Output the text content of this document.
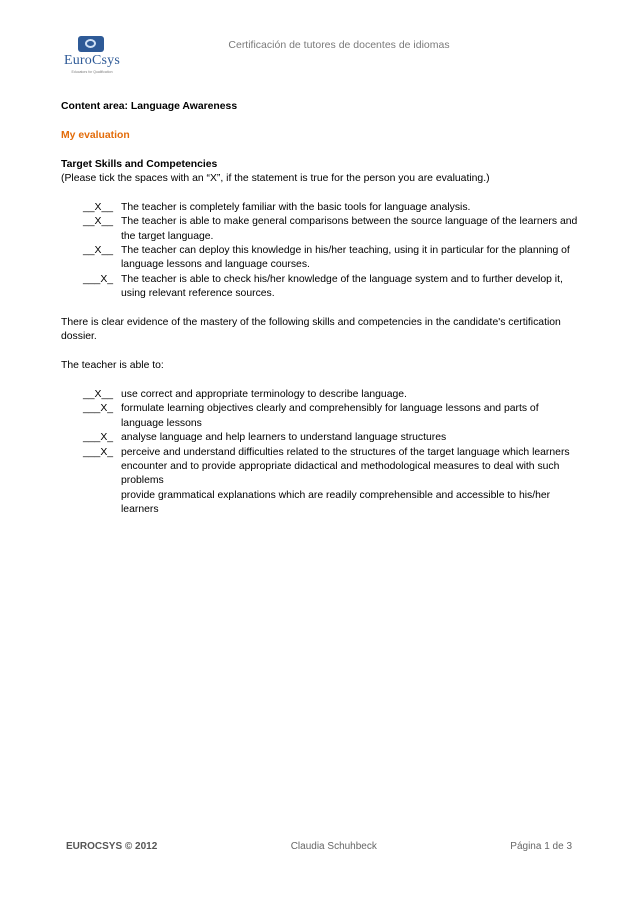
Certificación de tutores de docentes de idiomas
EuroCsys
Educators for Qualification

Content area: Language Awareness

My evaluation

Target Skills and Competencies

(Please tick the spaces with an “X”, if the statement is true for the person you are evaluating.)

__X__ The teacher is completely familiar with the basic tools for language analysis.
__X__ The teacher is able to make general comparisons between the source language of the learners and the target language.
__X__ The teacher can deploy this knowledge in his/her teaching, using it in particular for the planning of language lessons and language courses.
___X_ The teacher is able to check his/her knowledge of the language system and to further develop it, using relevant reference sources.

There is clear evidence of the mastery of the following skills and competencies in the candidate's certification dossier.

The teacher is able to:

__X__ use correct and appropriate terminology to describe language.
___X_ formulate learning objectives clearly and comprehensibly for language lessons and parts of language lessons
___X_ analyse language and help learners to understand language structures
___X_ perceive and understand difficulties related to the structures of the target language which learners encounter and to provide appropriate didactical and methodological measures to deal with such problems
provide grammatical explanations which are readily comprehensible and accessible to his/her learners
EUROCSYS © 2012	Claudia Schuhbeck	Página 1 de 3
